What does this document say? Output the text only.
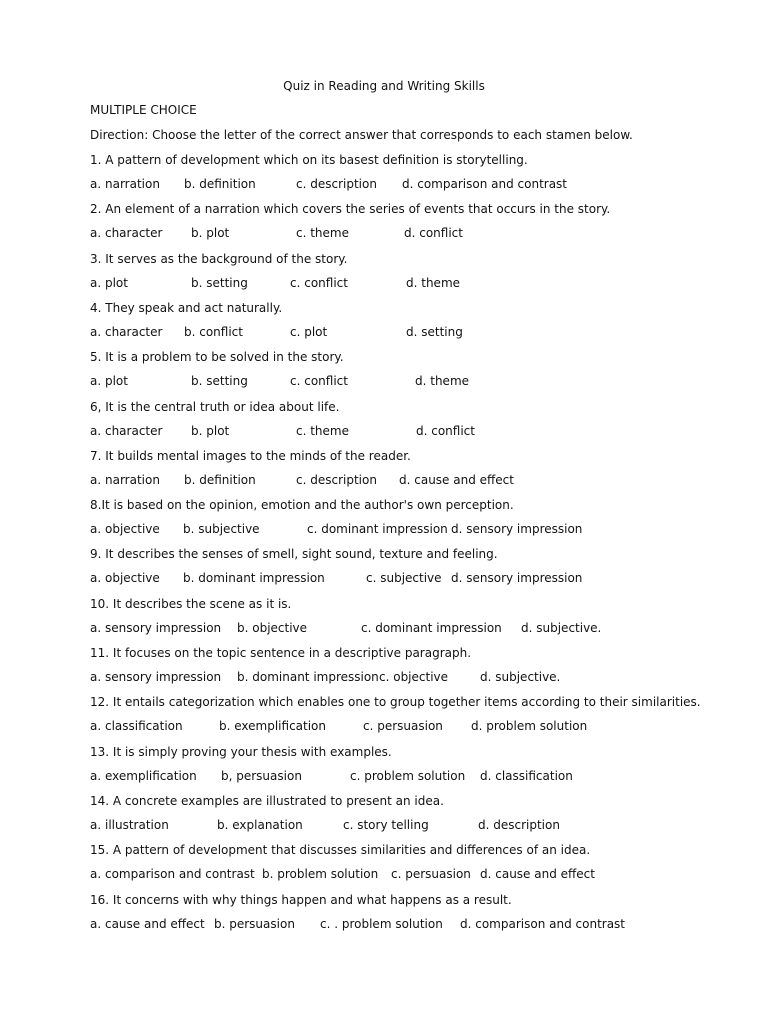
Quiz in Reading and Writing Skills
MULTIPLE CHOICE
Direction: Choose the letter of the correct answer that corresponds to each stamen below.
1. A pattern of development which on its basest definition is storytelling.
a. narration b. definition	c. description d. comparison and contrast
2. An element of a narration which covers the series of events that occurs in the story.
a. character b. plot	c. theme	d. conflict
3. It serves as the background of the story.
a. plot	b. setting	c. conflict	d. theme
4. They speak and act naturally.
a. character b. conflict	c. plot	d. setting
5. It is a problem to be solved in the story.
a. plot	b. setting	c. conflict	d. theme
6, It is the central truth or idea about life.
a. character b. plot	c. theme	d. conflict
7. It builds mental images to the minds of the reader.
a. narration b. definition	c. description d. cause and effect
8.It is based on the opinion, emotion and the author's own perception.
a. objective b. subjective	c. dominant impression d. sensory impression
9. It describes the senses of smell, sight sound, texture and feeling.
a. objective b. dominant impression	c. subjective d. sensory impression
10. It describes the scene as it is.
a. sensory impression b. objective	c. dominant impression d. subjective.
11. It focuses on the topic sentence in a descriptive paragraph.
a. sensory impression b. dominant impression c. objective	d. subjective.
12. It entails categorization which enables one to group together items according to their similarities.
a. classification	b. exemplification	c. persuasion d. problem solution
13. It is simply proving your thesis with examples.
a. exemplification b, persuasion	c. problem solution d. classification
14. A concrete examples are illustrated to present an idea.
a. illustration	b. explanation	c. story telling	d. description
15. A pattern of development that discusses similarities and differences of an idea.
a. comparison and contrast b. problem solution c. persuasion d. cause and effect
16. It concerns with why things happen and what happens as a result.
a. cause and effect b. persuasion c. . problem solution d. comparison and contrast
